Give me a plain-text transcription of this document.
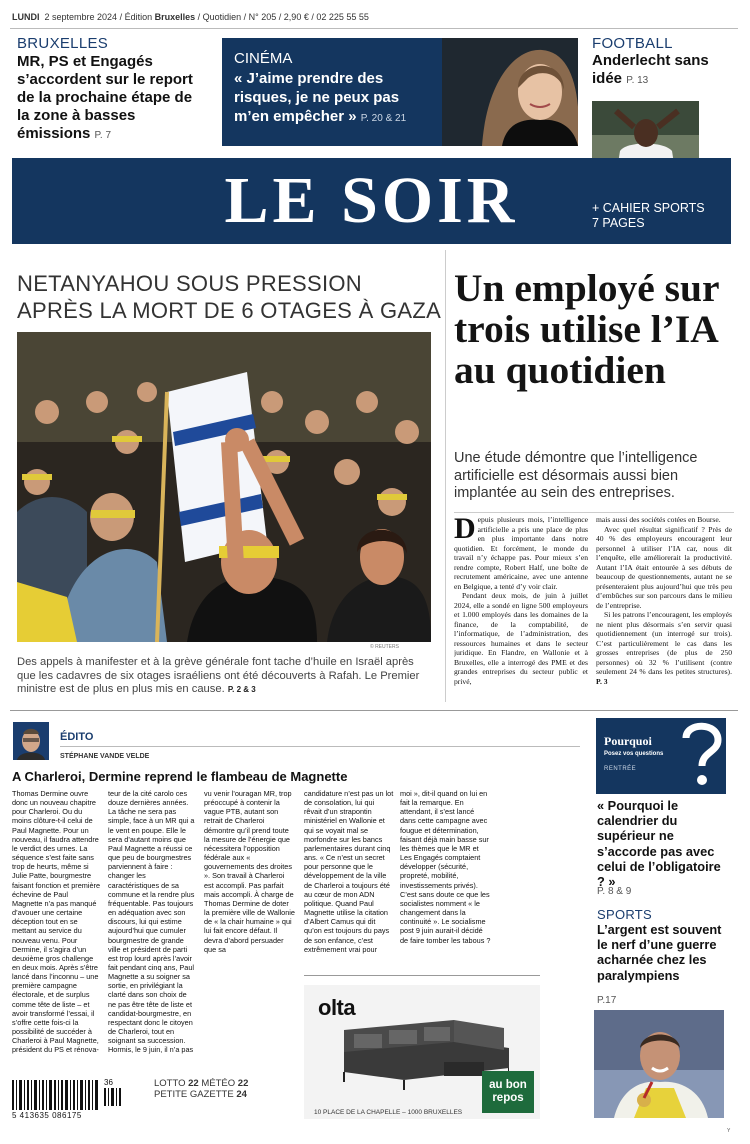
LUNDI 2 septembre 2024 / Édition Bruxelles / Quotidien / N° 205 / 2,90 € / 02 225 55 55
BRUXELLES
MR, PS et Engagés s’accordent sur le report de la prochaine étape de la zone à basses émissions P. 7
CINÉMA
« J’aime prendre des risques, je ne peux pas m’en empêcher » P. 20 & 21
FOOTBALL
Anderlecht sans idée P. 13
LE SOIR	+ CAHIER SPORTS
7 PAGES
NETANYAHOU SOUS PRESSION
APRÈS LA MORT DE 6 OTAGES À GAZA
© REUTERS
Des appels à manifester et à la grève générale font tache d’huile en Israël après que les cadavres de six otages israéliens ont été découverts à Rafah. Le Premier ministre est de plus en plus mis en cause. P. 2 & 3
Un employé sur trois utilise l’IA au quotidien
Une étude démontre que l’intelligence artificielle est désormais aussi bien implantée au sein des entreprises.
D epuis plusieurs mois, l’intelligence artificielle a pris une place de plus en plus importante dans notre quotidien. Et forcément, le monde du travail n’y échappe pas. Pour mieux s’en rendre compte, Robert Half, une boîte de recrutement américaine, avec une antenne en Belgique, a tenté d’y voir clair.
Pendant deux mois, de juin à juillet 2024, elle a sondé en ligne 500 employeurs et 1.000 employés dans les domaines de la finance, de la comptabilité, de l’informatique, de l’administration, des ressources humaines et dans le secteur juridique. En Flandre, en Wallonie et à Bruxelles, elle a interrogé des PME et des grandes entreprises du secteur public et privé,
mais aussi des sociétés cotées en Bourse.
Avec quel résultat significatif ? Près de 40 % des employeurs encouragent leur personnel à utiliser l’IA car, nous dit l’enquête, elle améliorerait la productivité. Autant l’IA était entourée à ses débuts de beaucoup de questionnements, autant ne se présenteraient plus aujourd’hui que très peu d’embûches sur son parcours dans le milieu de l’entreprise.
Si les patrons l’encouragent, les employés ne nient plus désormais s’en servir quasi quotidiennement (un interrogé sur trois). C’est particulièrement le cas dans les grosses entreprises (de plus de 250 personnes) où 32 % l’utilisent (contre seulement 24 % dans les petites structures). P. 3
ÉDITO
STÉPHANE VANDE VELDE
A Charleroi, Dermine reprend le flambeau de Magnette
Thomas Dermine ouvre donc un nouveau chapitre pour Charleroi. Ou du moins clôture-t-il celui de Paul Magnette. Pour un nouveau, il faudra attendre le verdict des urnes. La séquence s’est faite sans trop de heurts, même si Julie Patte, bourgmestre faisant fonction et première échevine de Paul Magnette n’a pas manqué d’avouer une certaine déception tout en se mettant au service du nouveau venu. Pour Dermine, il s’agira d’un deuxième gros challenge en deux mois. Après s’être lancé dans l’inconnu – une première campagne électorale, et de surplus comme tête de liste – et avoir transformé l’essai, il s’offre cette fois-ci la possibilité de succéder à Charleroi à Paul Magnette, président du PS et rénova-
teur de la cité carolo ces douze dernières années. La tâche ne sera pas simple, face à un MR qui a le vent en poupe. Elle le sera d’autant moins que Paul Magnette a réussi ce que peu de bourgmestres parviennent à faire : changer les caractéristiques de sa commune et la rendre plus fréquentable. Pas toujours en adéquation avec son discours, lui qui estime aujourd’hui que cumuler bourgmestre de grande ville et président de parti est trop lourd après l’avoir fait pendant cinq ans, Paul Magnette a su soigner sa sortie, en privilégiant la clarté dans son choix de ne pas être tête de liste et candidat-bourgmestre, en respectant donc le citoyen de Charleroi, tout en soignant sa succession. Hormis, le 9 juin, il n’a pas
vu venir l’ouragan MR, trop préoccupé à contenir la vague PTB, autant son retrait de Charleroi démontre qu’il prend toute la mesure de l’énergie que nécessitera l’opposition fédérale aux « gouvernements des droites ». Son travail à Charleroi est accompli. Pas parfait mais accompli. À charge de Thomas Dermine de doter la première ville de Wallonie de « la chair humaine » qui lui fait encore défaut. Il devra d’abord persuader que sa
candidature n’est pas un lot de consolation, lui qui rêvait d’un strapontin ministériel en Wallonie et qui se voyait mal se morfondre sur les bancs parlementaires durant cinq ans. « Ce n’est un secret pour personne que le développement de la ville de Charleroi a toujours été au cœur de mon ADN politique. Quand Paul Magnette utilise la citation d’Albert Camus qui dit qu’on est toujours du pays de son enfance, c’est extrêmement vrai pour
moi », dit-il quand on lui en fait la remarque. En attendant, il s’est lancé dans cette campagne avec fougue et détermination, faisant déjà main basse sur les thèmes que le MR et Les Engagés comptaient développer (sécurité, propreté, mobilité, investissements privés). C’est sans doute ce que les socialistes nomment « le changement dans la continuité ». Le socialisme post 9 juin aurait-il décidé de faire tomber les tabous ?
5 413635 086175
36	LOTTO 22 MÉTÉO 22
PETITE GAZETTE 24
olta
au bon
repos
10 PLACE DE LA CHAPELLE – 1000 BRUXELLES
Pourquoi
Posez vos questions
RENTRÉE
« Pourquoi le calendrier du supérieur ne s’accorde pas avec celui de l’obligatoire ? »
P. 8 & 9
SPORTS
L’argent est souvent le nerf d’une guerre acharnée chez les paralympiens
P.17
Y
